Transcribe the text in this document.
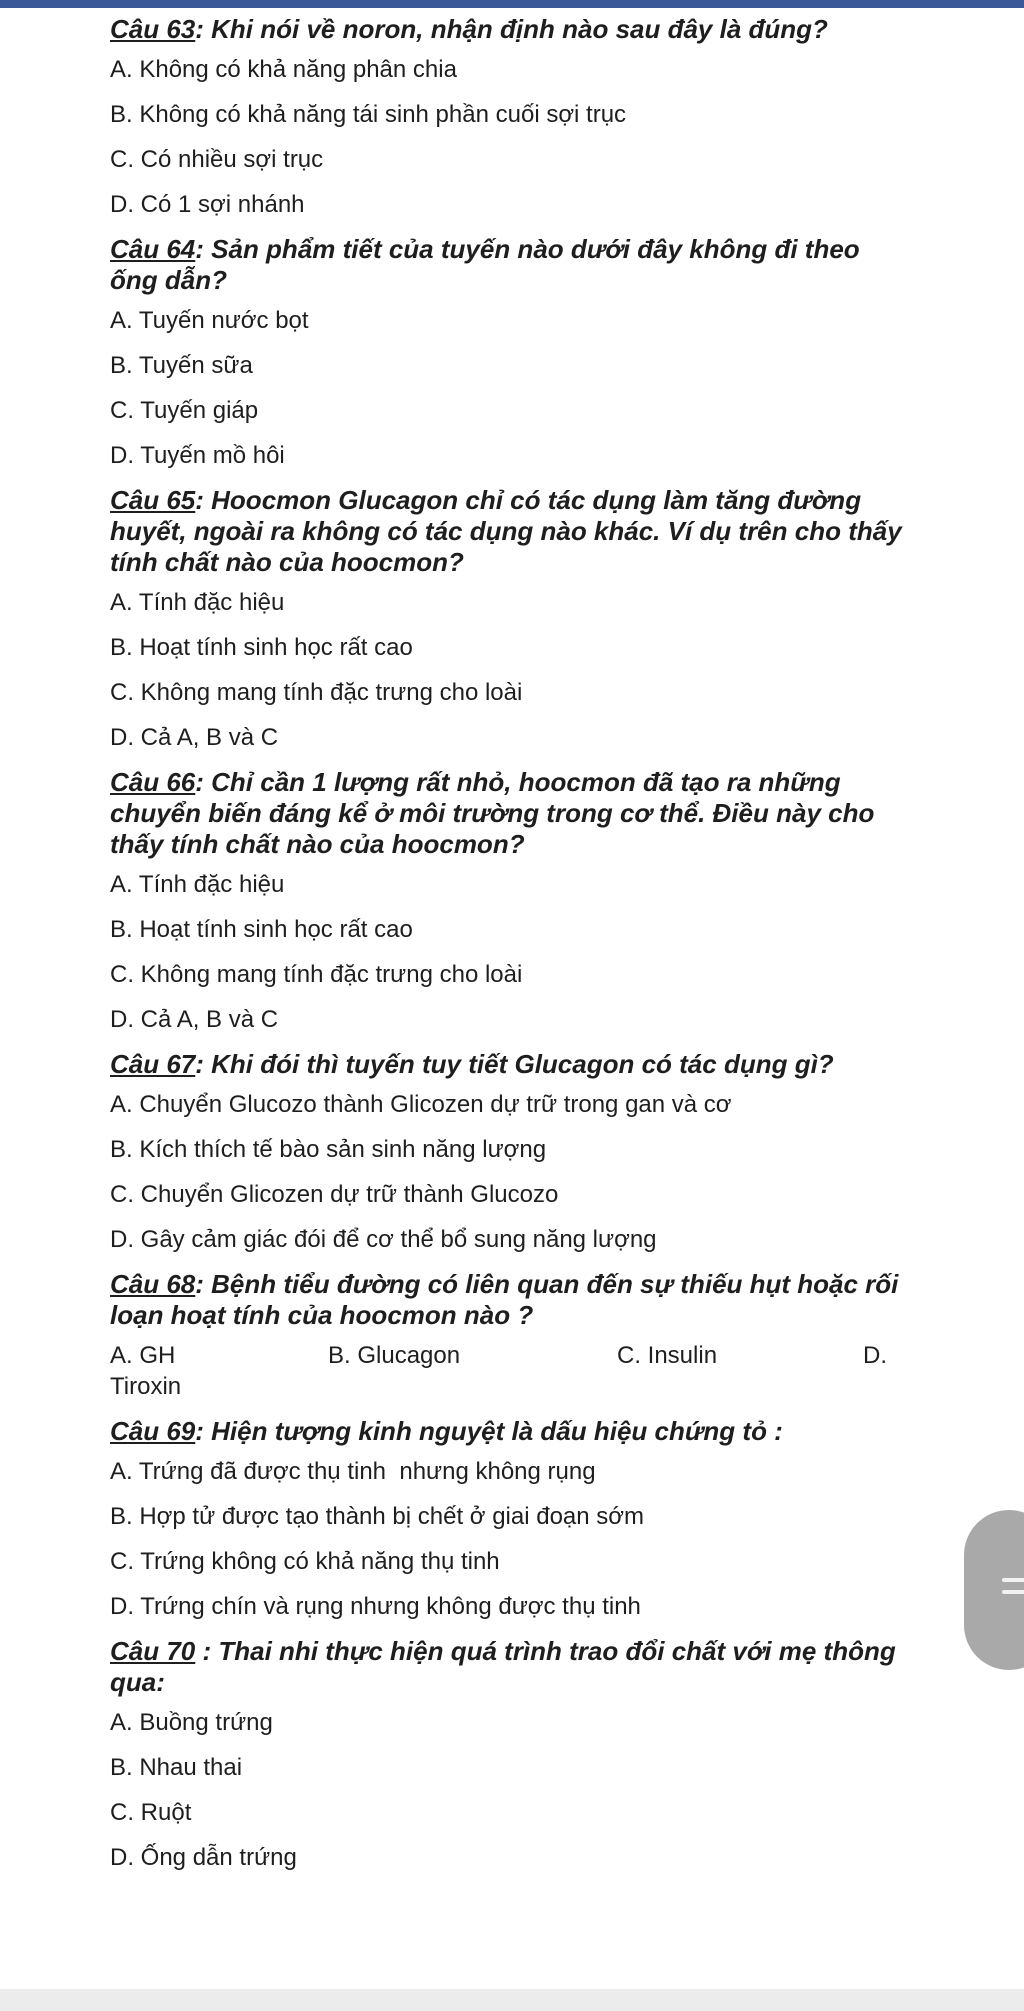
Câu 63: Khi nói về noron, nhận định nào sau đây là đúng?
A. Không có khả năng phân chia
B. Không có khả năng tái sinh phần cuối sợi trục
C. Có nhiều sợi trục
D. Có 1 sợi nhánh
Câu 64: Sản phẩm tiết của tuyến nào dưới đây không đi theo ống dẫn?
A. Tuyến nước bọt
B. Tuyến sữa
C. Tuyến giáp
D. Tuyến mồ hôi
Câu 65: Hoocmon Glucagon chỉ có tác dụng làm tăng đường huyết, ngoài ra không có tác dụng nào khác. Ví dụ trên cho thấy tính chất nào của hoocmon?
A. Tính đặc hiệu
B. Hoạt tính sinh học rất cao
C. Không mang tính đặc trưng cho loài
D. Cả A, B và C
Câu 66: Chỉ cần 1 lượng rất nhỏ, hoocmon đã tạo ra những chuyển biến đáng kể ở môi trường trong cơ thể. Điều này cho thấy tính chất nào của hoocmon?
A. Tính đặc hiệu
B. Hoạt tính sinh học rất cao
C. Không mang tính đặc trưng cho loài
D. Cả A, B và C
Câu 67: Khi đói thì tuyến tuy tiết Glucagon có tác dụng gì?
A. Chuyển Glucozo thành Glicozen dự trữ trong gan và cơ
B. Kích thích tế bào sản sinh năng lượng
C. Chuyển Glicozen dự trữ thành Glucozo
D. Gây cảm giác đói để cơ thể bổ sung năng lượng
Câu 68: Bệnh tiểu đường có liên quan đến sự thiếu hụt hoặc rối loạn hoạt tính của hoocmon nào ?
A. GH	B. Glucagon	C. Insulin	D.
Tiroxin
Câu 69: Hiện tượng kinh nguyệt là dấu hiệu chứng tỏ :
A. Trứng đã được thụ tinh  nhưng không rụng
B. Hợp tử được tạo thành bị chết ở giai đoạn sớm
C. Trứng không có khả năng thụ tinh
D. Trứng chín và rụng nhưng không được thụ tinh
Câu 70 : Thai nhi thực hiện quá trình trao đổi chất với mẹ thông qua:
A. Buồng trứng
B. Nhau thai
C. Ruột
D. Ống dẫn trứng
